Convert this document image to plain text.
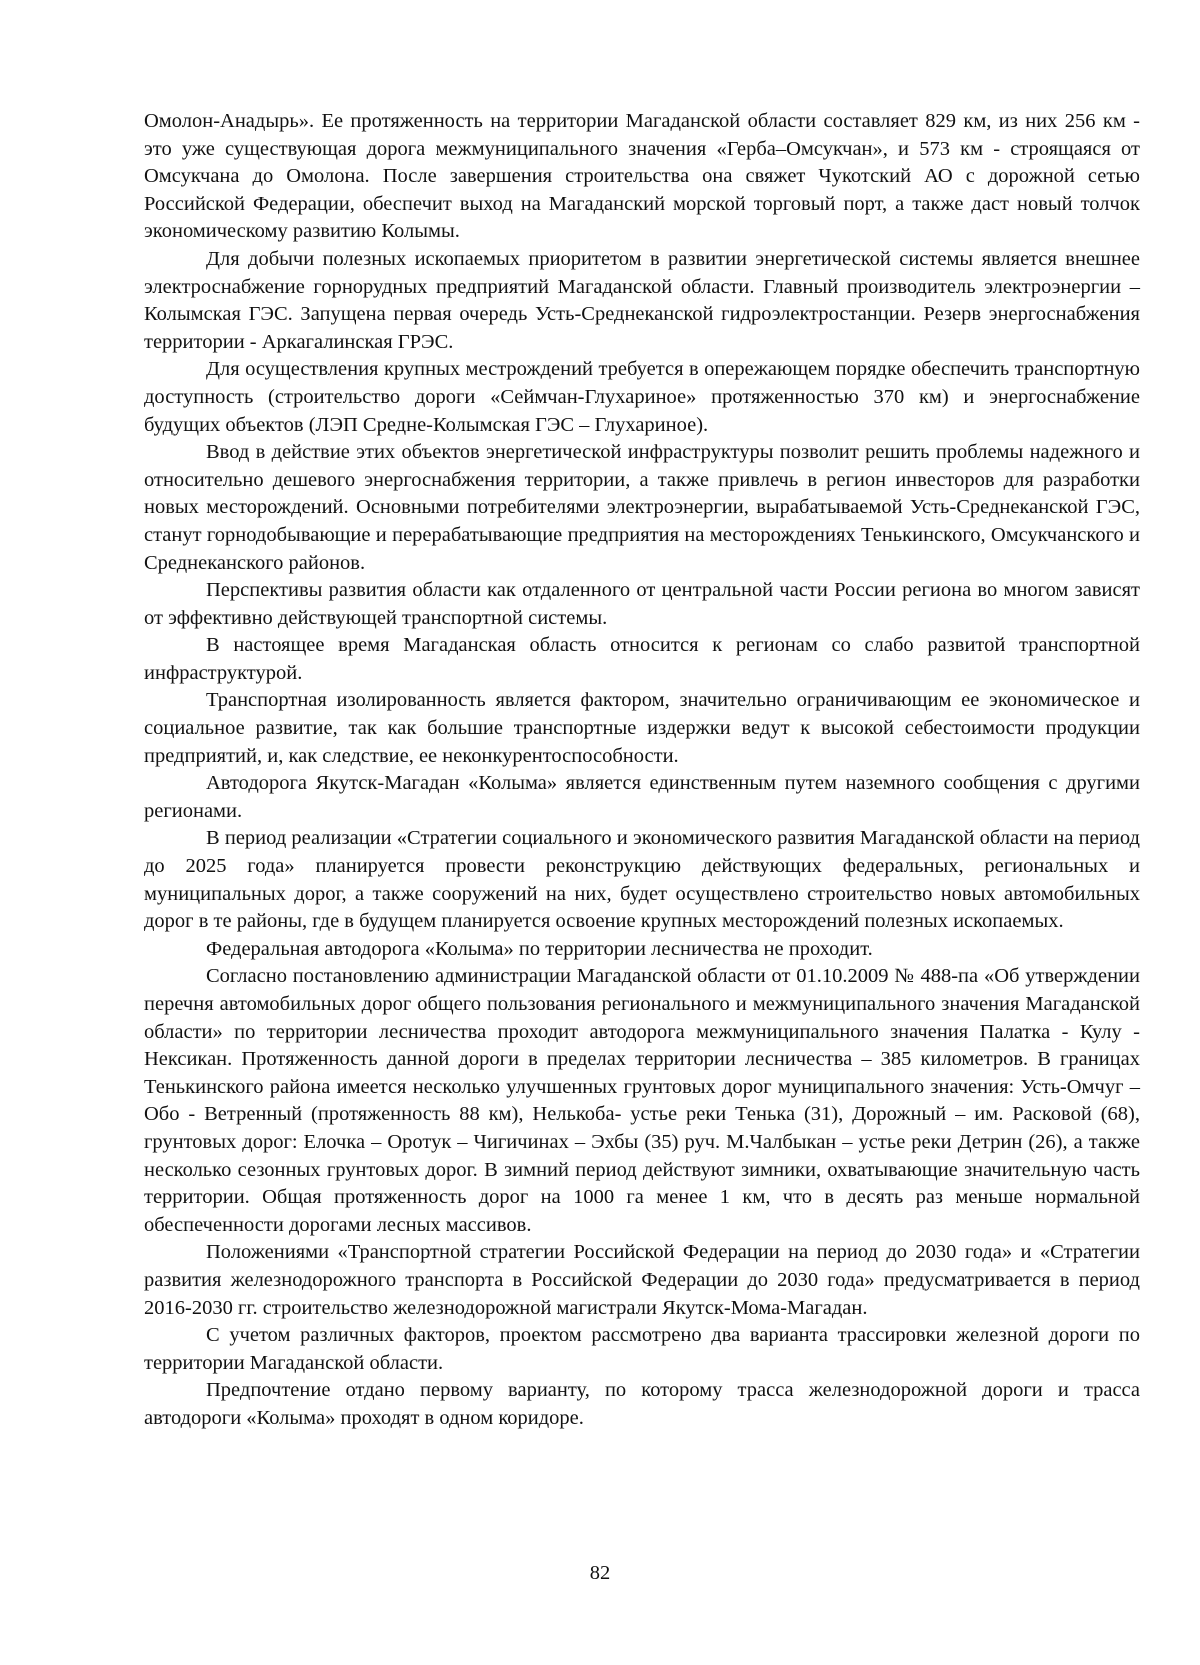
Омолон-Анадырь». Ее протяженность на территории Магаданской области составляет 829 км, из них 256 км - это уже существующая дорога межмуниципального значения «Герба–Омсукчан», и 573 км - строящаяся от Омсукчана до Омолона. После завершения строительства она свяжет Чукотский АО с дорожной сетью Российской Федерации, обеспечит выход на Магаданский морской торговый порт, а также даст новый толчок экономическому развитию Колымы.

Для добычи полезных ископаемых приоритетом в развитии энергетической системы является внешнее электроснабжение горнорудных предприятий Магаданской области. Главный производитель электроэнергии – Колымская ГЭС. Запущена первая очередь Усть-Среднеканской гидроэлектростанции. Резерв энергоснабжения территории - Аркагалинская ГРЭС.

Для осуществления крупных местрождений требуется в опережающем порядке обеспечить транспортную доступность (строительство дороги «Сеймчан-Глухариное» протяженностью 370 км) и энергоснабжение будущих объектов (ЛЭП Средне-Колымская ГЭС – Глухариное).

Ввод в действие этих объектов энергетической инфраструктуры позволит решить проблемы надежного и относительно дешевого энергоснабжения территории, а также привлечь в регион инвесторов для разработки новых месторождений. Основными потребителями электроэнергии, вырабатываемой Усть-Среднеканской ГЭС, станут горнодобывающие и перерабатывающие предприятия на месторождениях Тенькинского, Омсукчанского и Среднеканского районов.

Перспективы развития области как отдаленного от центральной части России региона во многом зависят от эффективно действующей транспортной системы.

В настоящее время Магаданская область относится к регионам со слабо развитой транспортной инфраструктурой.

Транспортная изолированность является фактором, значительно ограничивающим ее экономическое и социальное развитие, так как большие транспортные издержки ведут к высокой себестоимости продукции предприятий, и, как следствие, ее неконкурентоспособности.

Автодорога Якутск-Магадан «Колыма» является единственным путем наземного сообщения с другими регионами.

В период реализации «Стратегии социального и экономического развития Магаданской области на период до 2025 года» планируется провести реконструкцию действующих федеральных, региональных и муниципальных дорог, а также сооружений на них, будет осуществлено строительство новых автомобильных дорог в те районы, где в будущем планируется освоение крупных месторождений полезных ископаемых.

Федеральная автодорога «Колыма» по территории лесничества не проходит.

Согласно постановлению администрации Магаданской области от 01.10.2009 № 488-па «Об утверждении перечня автомобильных дорог общего пользования регионального и межмуниципального значения Магаданской области» по территории лесничества проходит автодорога межмуниципального значения Палатка - Кулу - Нексикан. Протяженность данной дороги в пределах территории лесничества – 385 километров. В границах Тенькинского района имеется несколько улучшенных грунтовых дорог муниципального значения: Усть-Омчуг – Обо - Ветренный (протяженность 88 км), Нелькоба- устье реки Тенька (31), Дорожный – им. Расковой (68), грунтовых дорог: Елочка – Оротук – Чигичинах – Эхбы (35) руч. М.Чалбыкан – устье реки Детрин (26), а также несколько сезонных грунтовых дорог. В зимний период действуют зимники, охватывающие значительную часть территории. Общая протяженность дорог на 1000 га менее 1 км, что в десять раз меньше нормальной обеспеченности дорогами лесных массивов.

Положениями «Транспортной стратегии Российской Федерации на период до 2030 года» и «Стратегии развития железнодорожного транспорта в Российской Федерации до 2030 года» предусматривается в период 2016-2030 гг. строительство железнодорожной магистрали Якутск-Мома-Магадан.

С учетом различных факторов, проектом рассмотрено два варианта трассировки железной дороги по территории Магаданской области.

Предпочтение отдано первому варианту, по которому трасса железнодорожной дороги и трасса автодороги «Колыма» проходят в одном коридоре.

82
